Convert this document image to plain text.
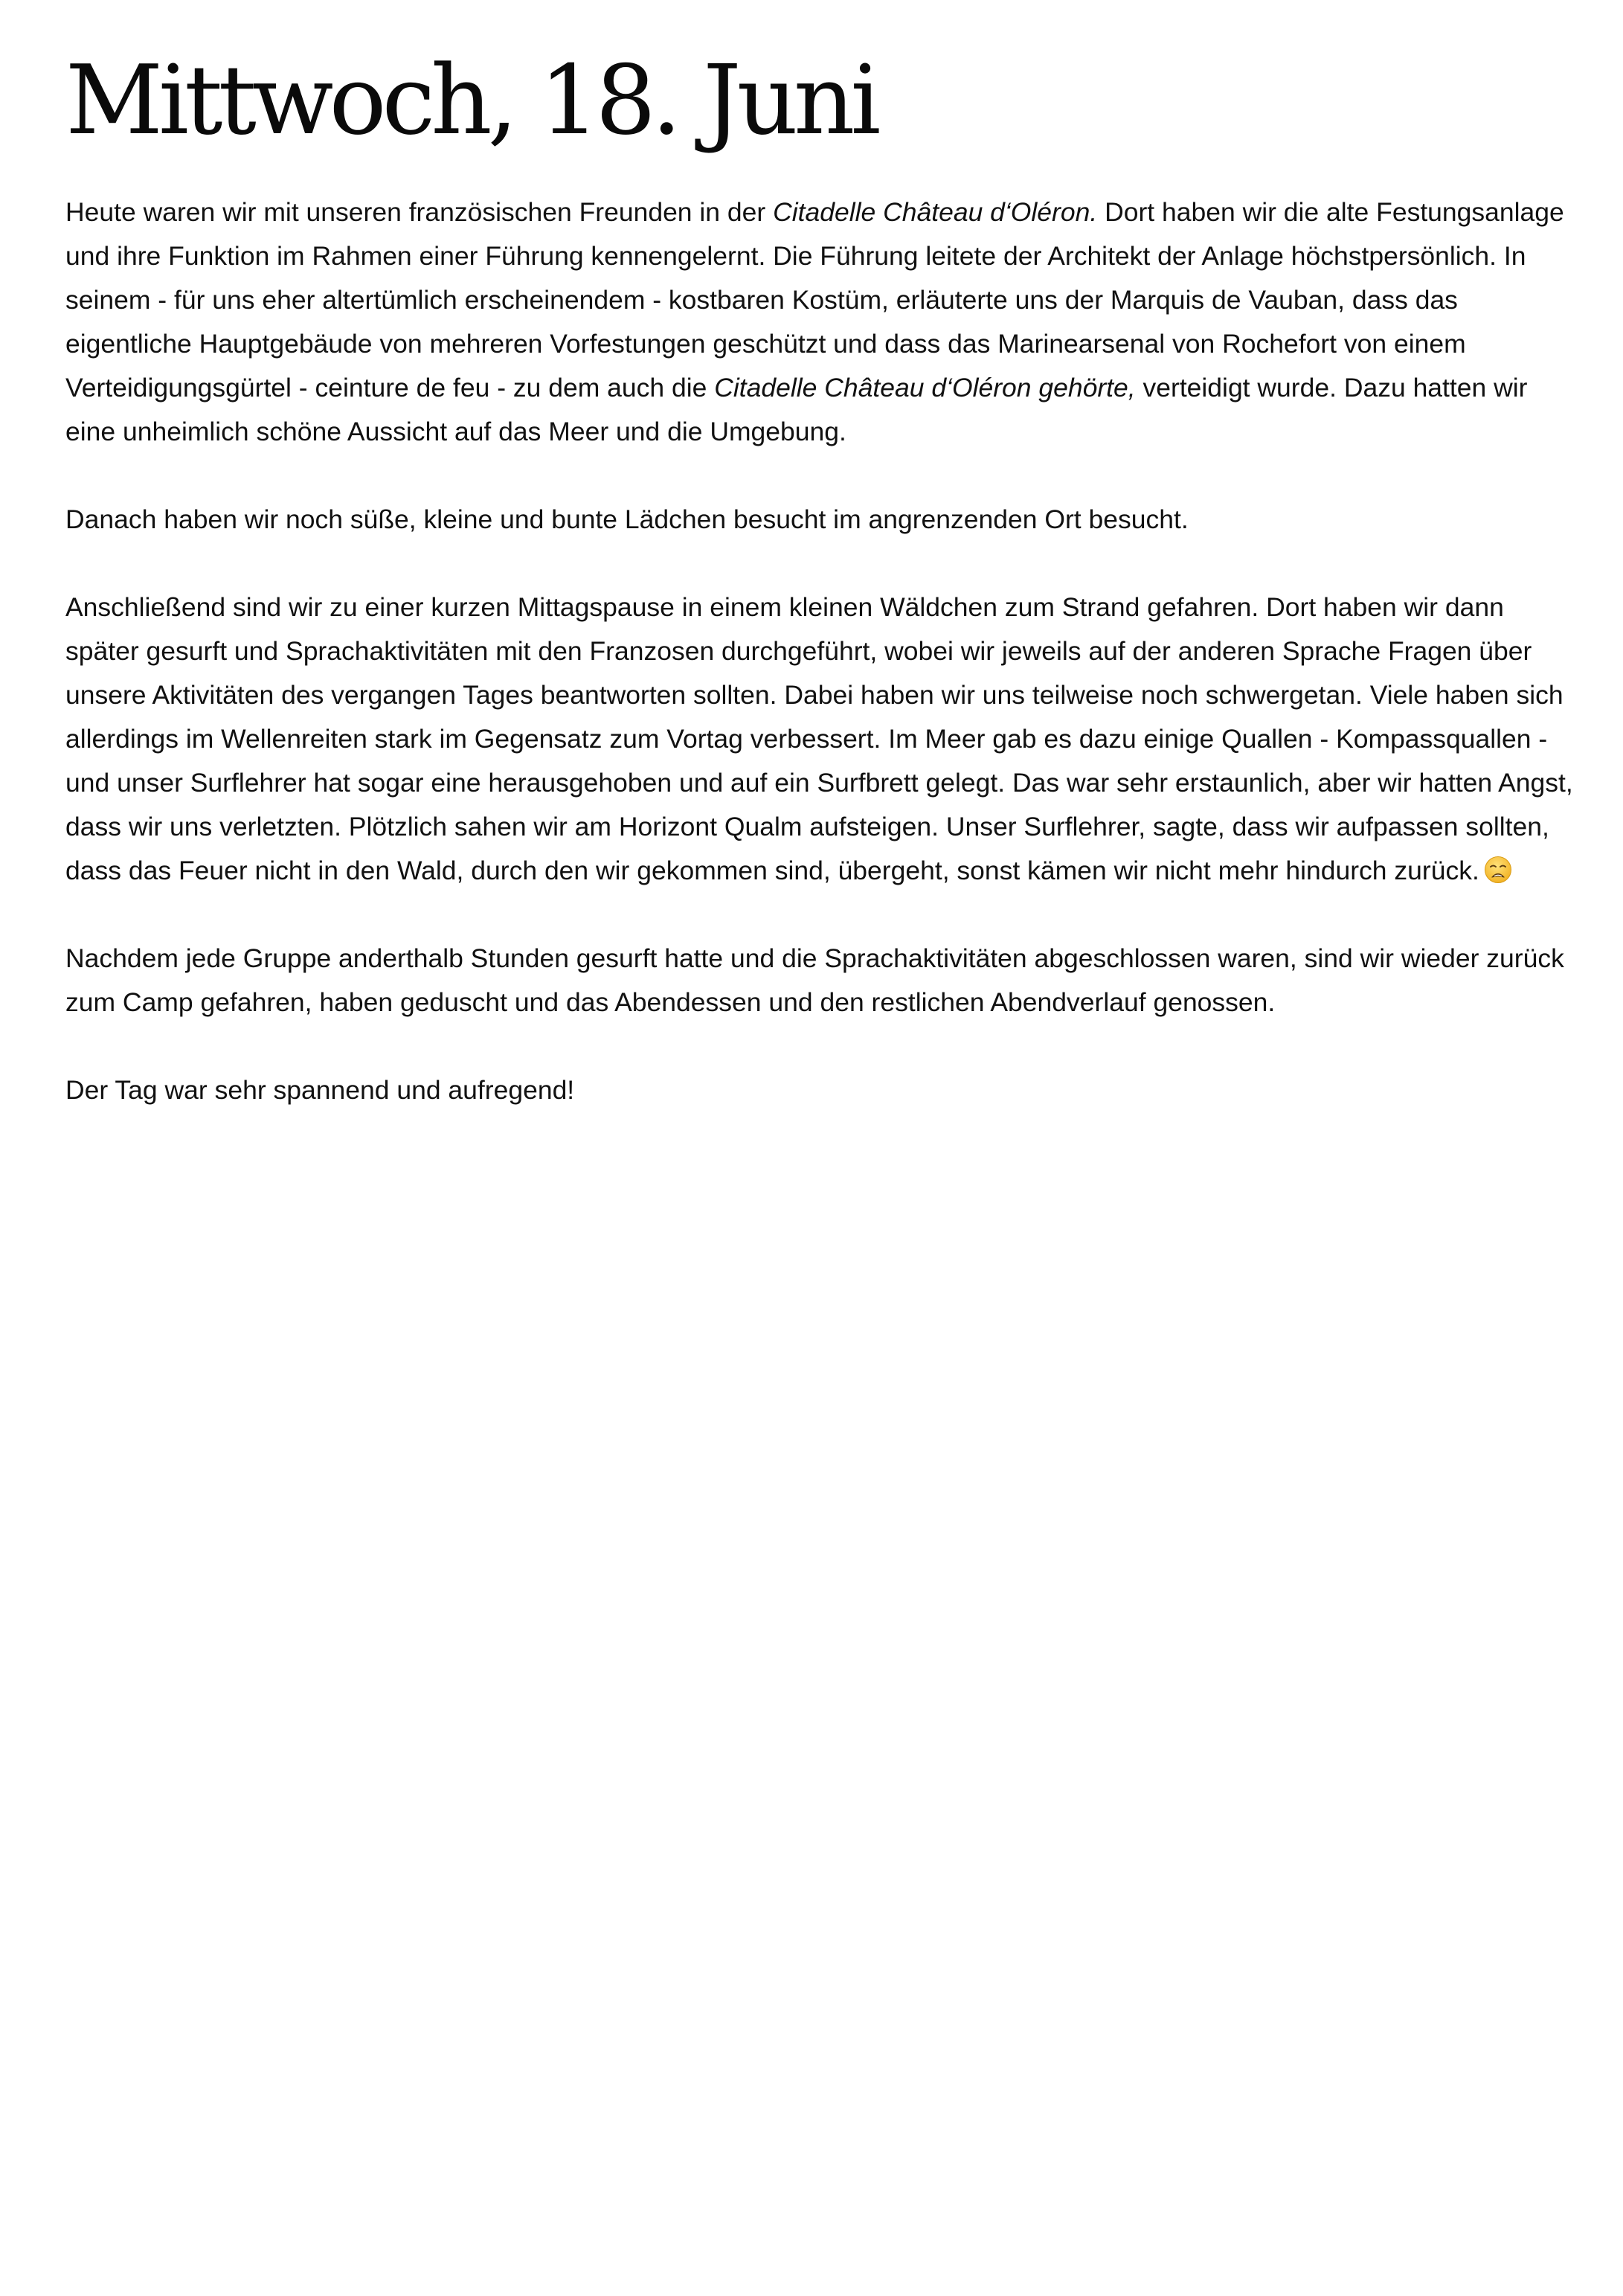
Mittwoch, 18. Juni

Heute waren wir mit unseren französischen Freunden in der Citadelle Château d‘Oléron. Dort haben wir die alte Festungsanlage und ihre Funktion im Rahmen einer Führung kennengelernt. Die Führung leitete der Architekt der Anlage höchstpersönlich. In seinem - für uns eher altertümlich erscheinendem - kostbaren Kostüm, erläuterte uns der Marquis de Vauban, dass das eigentliche Hauptgebäude von mehreren Vorfestungen geschützt und dass das Marinearsenal von Rochefort von einem Verteidigungsgürtel - ceinture de feu - zu dem auch die Citadelle Château d‘Oléron gehörte, verteidigt wurde. Dazu hatten wir eine unheimlich schöne Aussicht auf das Meer und die Umgebung.

Danach haben wir noch süße, kleine und bunte Lädchen besucht im angrenzenden Ort besucht.

Anschließend sind wir zu einer kurzen Mittagspause in einem kleinen Wäldchen zum Strand gefahren. Dort haben wir dann später gesurft und Sprachaktivitäten mit den Franzosen durchgeführt, wobei wir jeweils auf der anderen Sprache Fragen über unsere Aktivitäten des vergangen Tages beantworten sollten. Dabei haben wir uns teilweise noch schwergetan. Viele haben sich allerdings im Wellenreiten stark im Gegensatz zum Vortag verbessert. Im Meer gab es dazu einige Quallen - Kompassquallen - und unser Surflehrer hat sogar eine herausgehoben und auf ein Surfbrett gelegt. Das war sehr erstaunlich, aber wir hatten Angst, dass wir uns verletzten. Plötzlich sahen wir am Horizont Qualm aufsteigen. Unser Surflehrer, sagte, dass wir aufpassen sollten, dass das Feuer nicht in den Wald, durch den wir gekommen sind, übergeht, sonst kämen wir nicht mehr hindurch zurück.

Nachdem jede Gruppe anderthalb Stunden gesurft hatte und die Sprachaktivitäten abgeschlossen waren, sind wir wieder zurück zum Camp gefahren, haben geduscht und das Abendessen und den restlichen Abendverlauf genossen.

Der Tag war sehr spannend und aufregend!
